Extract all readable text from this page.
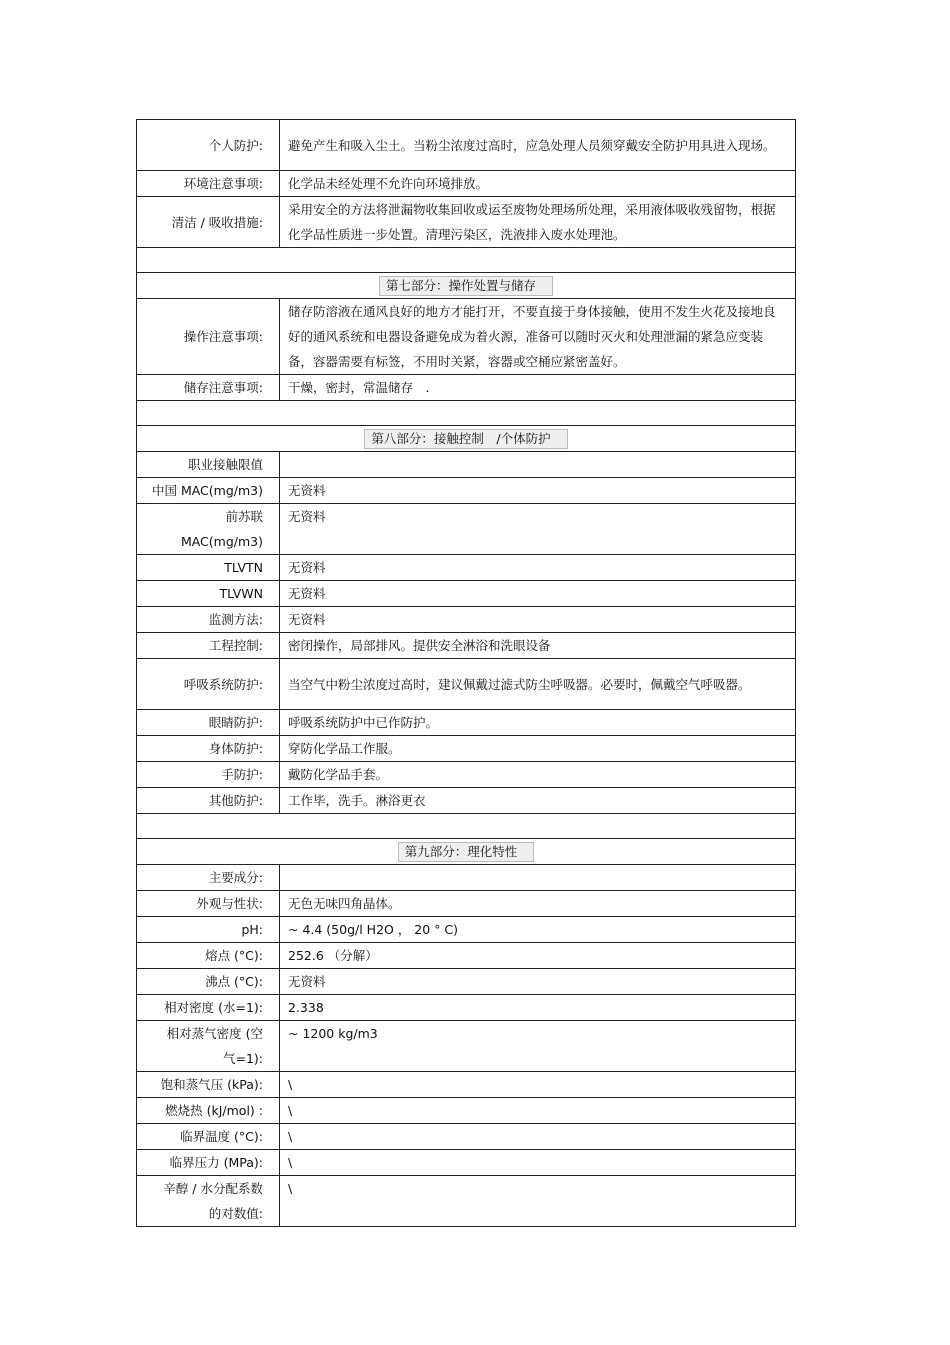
个人防护:	避免产生和吸入尘土。当粉尘浓度过高时，应急处理人员须穿戴安全防护用具进入现场。
环境注意事项:	化学品未经处理不允许向环境排放。
清洁 / 吸收措施:	采用安全的方法将泄漏物收集回收或运至废物处理场所处理，采用液体吸收残留物，根据化学品性质进一步处置。清理污染区，洗液排入废水处理池。

第七部分：操作处置与储存	
操作注意事项:	储存防溶液在通风良好的地方才能打开，不要直接于身体接触，使用不发生火花及接地良好的通风系统和电器设备避免成为着火源，准备可以随时灭火和处理泄漏的紧急应变装备，容器需要有标签，不用时关紧，容器或空桶应紧密盖好。
储存注意事项:	干燥，密封，常温储存　.

第八部分：接触控制　/个体防护	
职业接触限值	
中国 MAC(mg/m3)	无资料

前苏联
MAC(mg/m3)	无资料
TLVTN	无资料
TLVWN	无资料
监测方法:	无资料
工程控制:	密闭操作，局部排风。提供安全淋浴和洗眼设备
呼吸系统防护:	当空气中粉尘浓度过高时，建议佩戴过滤式防尘呼吸器。必要时，佩戴空气呼吸器。
眼睛防护:	呼吸系统防护中已作防护。
身体防护:	穿防化学品工作服。
手防护:	戴防化学品手套。
其他防护:	工作毕，洗手。淋浴更衣

第九部分：理化特性	
主要成分:	
外观与性状:	无色无味四角晶体。
pH:	~ 4.4 (50g/l H2O ， 20 ° C)
熔点 (°C):	252.6 （分解）
沸点 (°C):	无资料
相对密度 (水=1):	2.338

相对蒸气密度 (空
气=1):	~ 1200 kg/m3
饱和蒸气压 (kPa):	\
燃烧热 (kJ/mol) :	\
临界温度 (°C):	\
临界压力 (MPa):	\

辛醇 / 水分配系数
的对数值:	\
